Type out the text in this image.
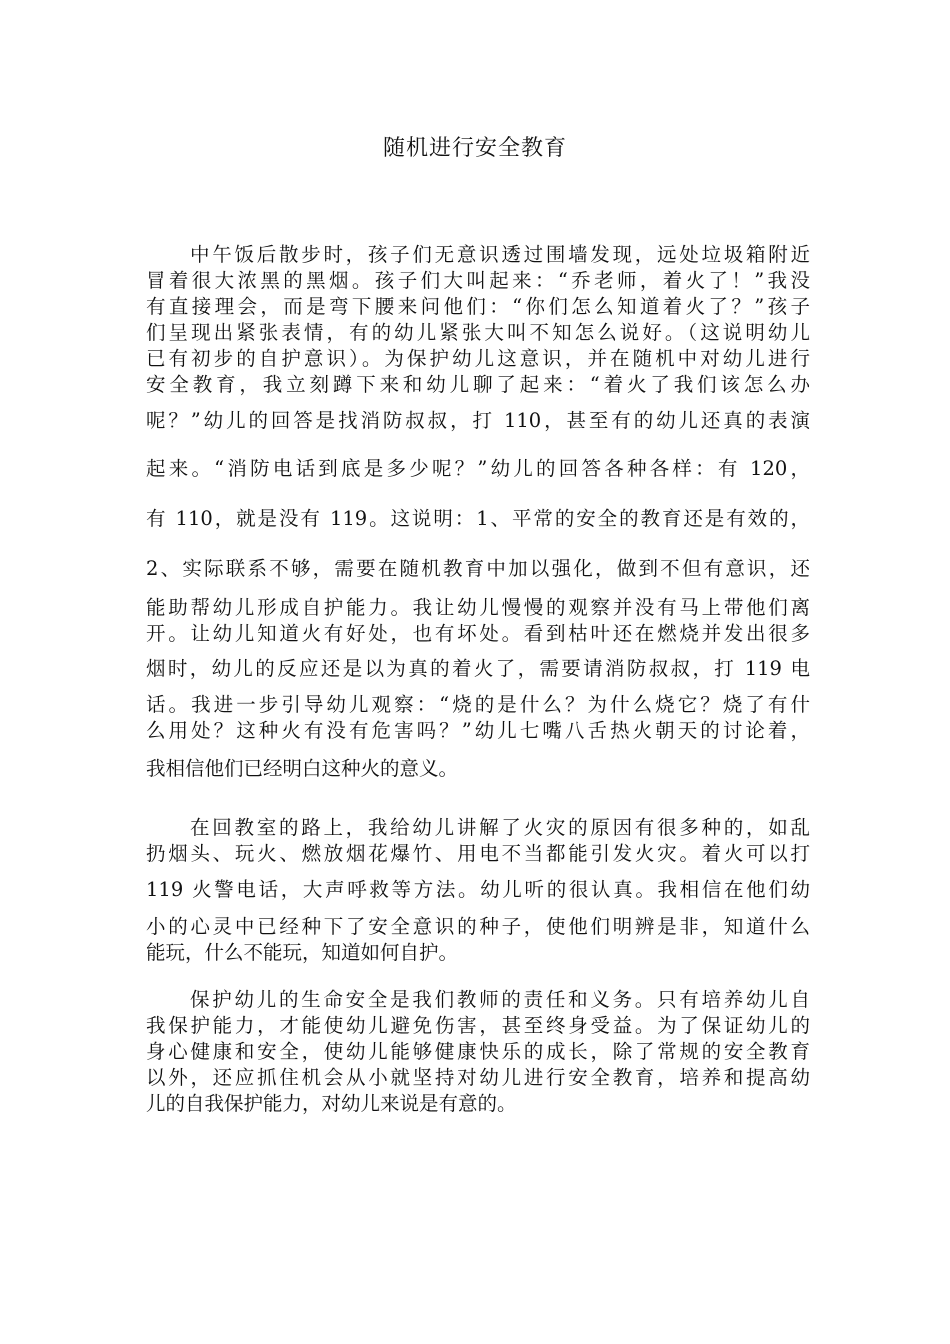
随机进行安全教育
中午饭后散步时，孩子们无意识透过围墙发现，远处垃圾箱附近
冒着很大浓黑的黑烟。孩子们大叫起来：“乔老师，着火了！”我没
有直接理会，而是弯下腰来问他们：“你们怎么知道着火了？”孩子
们呈现出紧张表情，有的幼儿紧张大叫不知怎么说好。（这说明幼儿
已有初步的自护意识）。为保护幼儿这意识，并在随机中对幼儿进行
安全教育，我立刻蹲下来和幼儿聊了起来：“着火了我们该怎么办
呢？”幼儿的回答是找消防叔叔，打 110，甚至有的幼儿还真的表演
起来。“消防电话到底是多少呢？”幼儿的回答各种各样：有 120，
有 110，就是没有 119。这说明：1、平常的安全的教育还是有效的，
2、实际联系不够，需要在随机教育中加以强化，做到不但有意识，还
能助帮幼儿形成自护能力。我让幼儿慢慢的观察并没有马上带他们离
开。让幼儿知道火有好处，也有坏处。看到枯叶还在燃烧并发出很多
烟时，幼儿的反应还是以为真的着火了，需要请消防叔叔，打 119 电
话。我进一步引导幼儿观察：“烧的是什么？为什么烧它？烧了有什
么用处？这种火有没有危害吗？”幼儿七嘴八舌热火朝天的讨论着，
我相信他们已经明白这种火的意义。
在回教室的路上，我给幼儿讲解了火灾的原因有很多种的，如乱
扔烟头、玩火、燃放烟花爆竹、用电不当都能引发火灾。着火可以打
119 火警电话，大声呼救等方法。幼儿听的很认真。我相信在他们幼
小的心灵中已经种下了安全意识的种子，使他们明辨是非，知道什么
能玩，什么不能玩，知道如何自护。
保护幼儿的生命安全是我们教师的责任和义务。只有培养幼儿自
我保护能力，才能使幼儿避免伤害，甚至终身受益。为了保证幼儿的
身心健康和安全，使幼儿能够健康快乐的成长，除了常规的安全教育
以外，还应抓住机会从小就坚持对幼儿进行安全教育，培养和提高幼
儿的自我保护能力，对幼儿来说是有意的。
